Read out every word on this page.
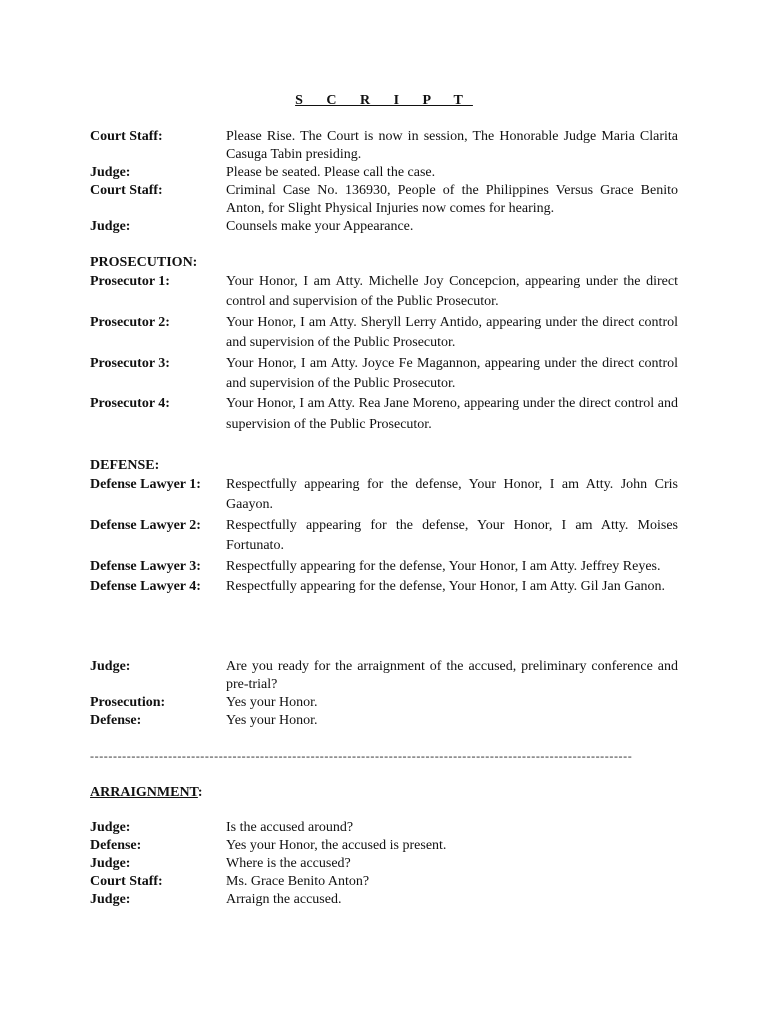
S C R I P T
Court Staff:	Please Rise. The Court is now in session, The Honorable Judge Maria Clarita Casuga Tabin presiding.
Judge:	Please be seated. Please call the case.
Court Staff:	Criminal Case No. 136930, People of the Philippines Versus Grace Benito Anton, for Slight Physical Injuries now comes for hearing.
Judge:	Counsels make your Appearance.
PROSECUTION:
Prosecutor 1:	Your Honor, I am Atty. Michelle Joy Concepcion, appearing under the direct control and supervision of the Public Prosecutor.
Prosecutor 2:	Your Honor, I am Atty. Sheryll Lerry Antido, appearing under the direct control and supervision of the Public Prosecutor.
Prosecutor 3:	Your Honor, I am Atty. Joyce Fe Magannon, appearing under the direct control and supervision of the Public Prosecutor.
Prosecutor 4:	Your Honor, I am Atty. Rea Jane Moreno, appearing under the direct control and supervision of the Public Prosecutor.
DEFENSE:
Defense Lawyer 1:	Respectfully appearing for the defense, Your Honor, I am Atty. John Cris Gaayon.
Defense Lawyer 2:	Respectfully appearing for the defense, Your Honor, I am Atty. Moises Fortunato.
Defense Lawyer 3:	Respectfully appearing for the defense, Your Honor, I am Atty. Jeffrey Reyes.
Defense Lawyer 4:	Respectfully appearing for the defense, Your Honor, I am Atty. Gil Jan Ganon.
Judge:	Are you ready for the arraignment of the accused, preliminary conference and pre-trial?
Prosecution:	Yes your Honor.
Defense:	Yes your Honor.
----------------------------------------------------------------------------------------------------------------------
ARRAIGNMENT:
Judge:	Is the accused around?
Defense:	Yes your Honor, the accused is present.
Judge:	Where is the accused?
Court Staff:	Ms. Grace Benito Anton?
Judge:	Arraign the accused.
